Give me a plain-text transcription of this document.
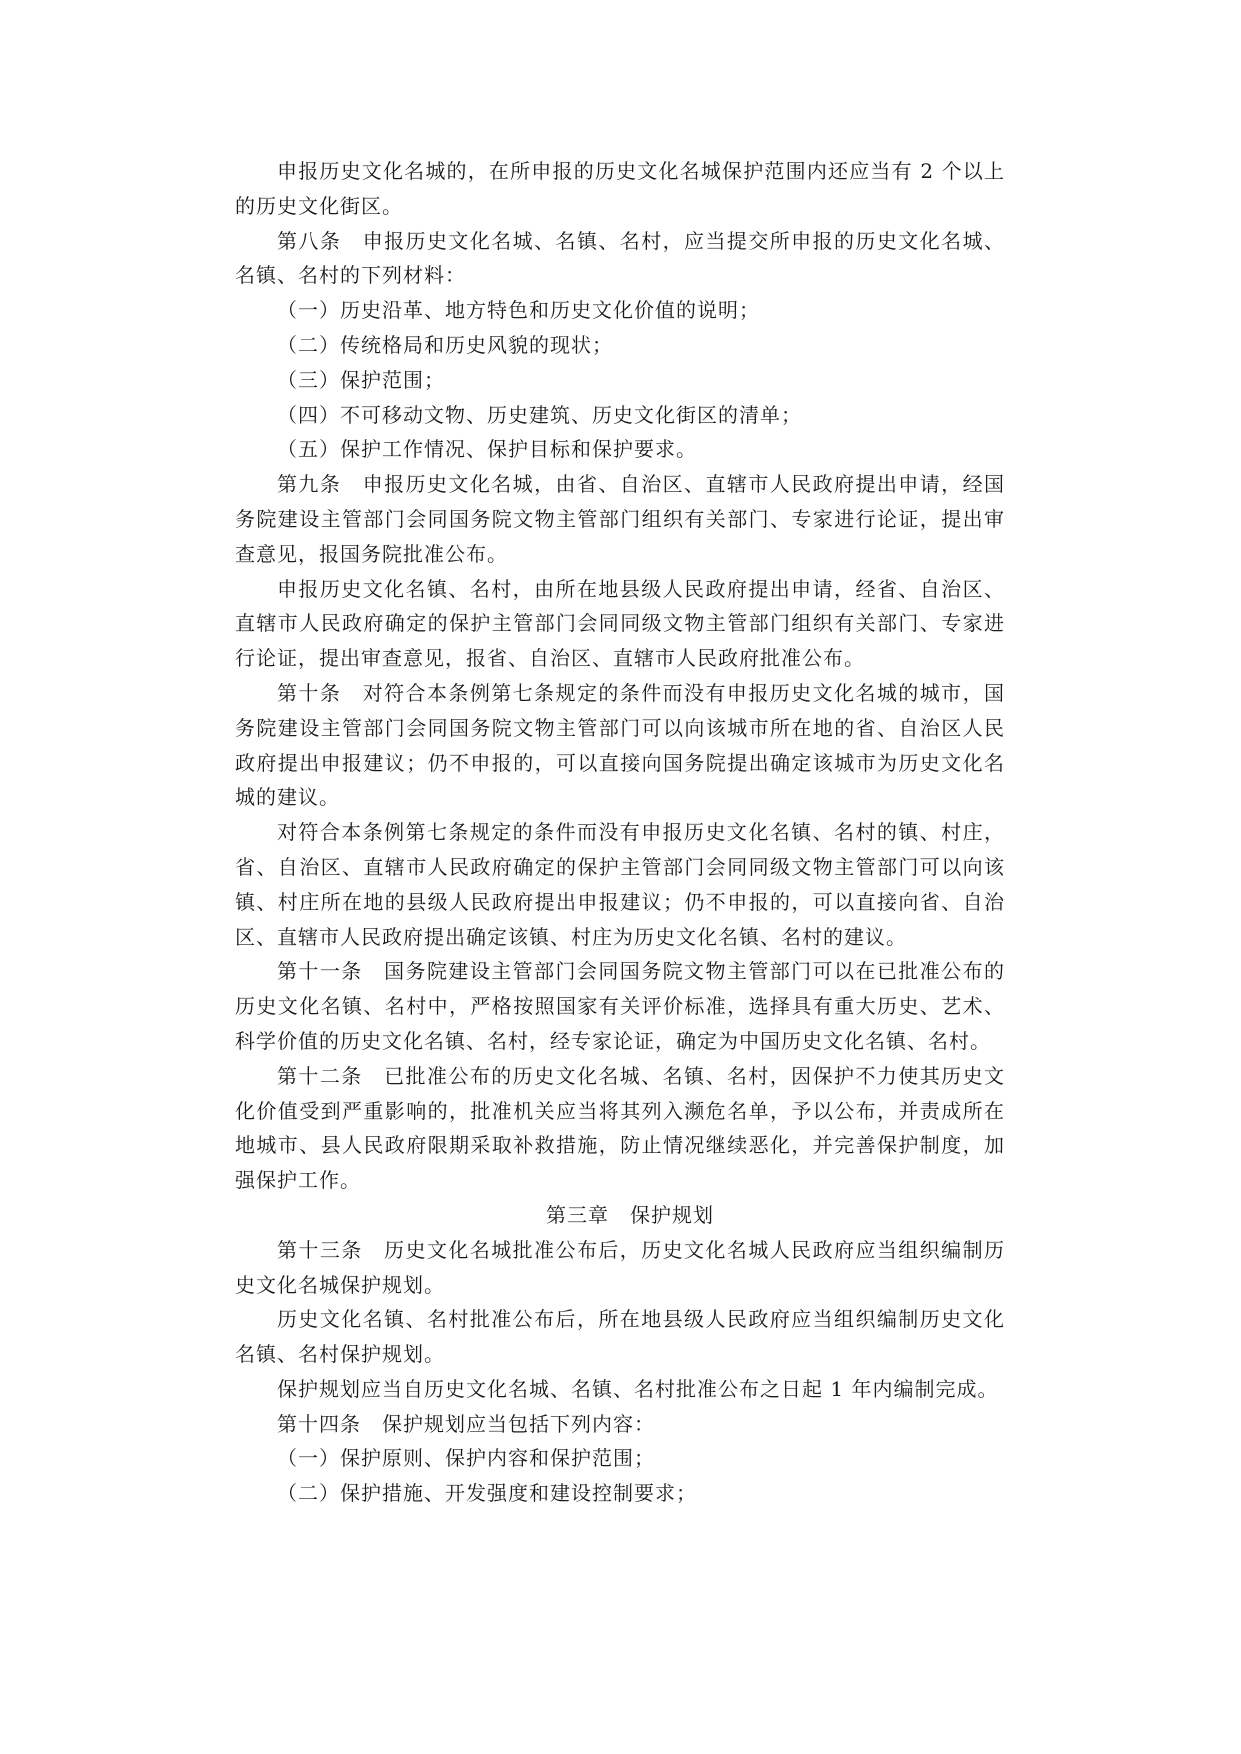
申报历史文化名城的，在所申报的历史文化名城保护范围内还应当有 2 个以上的历史文化街区。

第八条　申报历史文化名城、名镇、名村，应当提交所申报的历史文化名城、名镇、名村的下列材料：

（一）历史沿革、地方特色和历史文化价值的说明；

（二）传统格局和历史风貌的现状；

（三）保护范围；

（四）不可移动文物、历史建筑、历史文化街区的清单；

（五）保护工作情况、保护目标和保护要求。

第九条　申报历史文化名城，由省、自治区、直辖市人民政府提出申请，经国务院建设主管部门会同国务院文物主管部门组织有关部门、专家进行论证，提出审查意见，报国务院批准公布。

申报历史文化名镇、名村，由所在地县级人民政府提出申请，经省、自治区、直辖市人民政府确定的保护主管部门会同同级文物主管部门组织有关部门、专家进行论证，提出审查意见，报省、自治区、直辖市人民政府批准公布。

第十条　对符合本条例第七条规定的条件而没有申报历史文化名城的城市，国务院建设主管部门会同国务院文物主管部门可以向该城市所在地的省、自治区人民政府提出申报建议；仍不申报的，可以直接向国务院提出确定该城市为历史文化名城的建议。

对符合本条例第七条规定的条件而没有申报历史文化名镇、名村的镇、村庄，省、自治区、直辖市人民政府确定的保护主管部门会同同级文物主管部门可以向该镇、村庄所在地的县级人民政府提出申报建议；仍不申报的，可以直接向省、自治区、直辖市人民政府提出确定该镇、村庄为历史文化名镇、名村的建议。

第十一条　国务院建设主管部门会同国务院文物主管部门可以在已批准公布的历史文化名镇、名村中，严格按照国家有关评价标准，选择具有重大历史、艺术、科学价值的历史文化名镇、名村，经专家论证，确定为中国历史文化名镇、名村。

第十二条　已批准公布的历史文化名城、名镇、名村，因保护不力使其历史文化价值受到严重影响的，批准机关应当将其列入濒危名单，予以公布，并责成所在地城市、县人民政府限期采取补救措施，防止情况继续恶化，并完善保护制度，加强保护工作。

第三章　保护规划

第十三条　历史文化名城批准公布后，历史文化名城人民政府应当组织编制历史文化名城保护规划。

历史文化名镇、名村批准公布后，所在地县级人民政府应当组织编制历史文化名镇、名村保护规划。

保护规划应当自历史文化名城、名镇、名村批准公布之日起 1 年内编制完成。

第十四条　保护规划应当包括下列内容：

（一）保护原则、保护内容和保护范围；

（二）保护措施、开发强度和建设控制要求；
